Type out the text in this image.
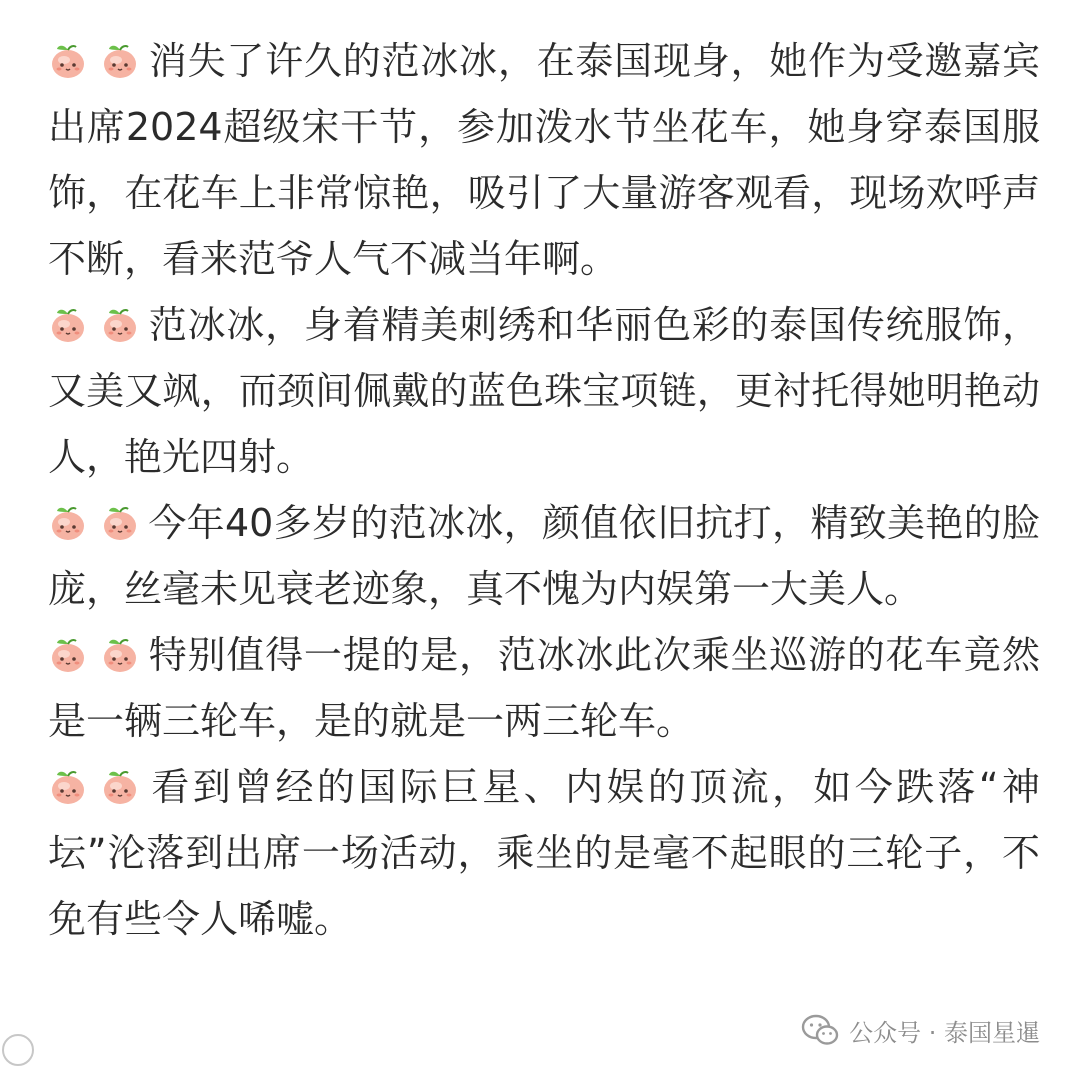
消失了许久的范冰冰，在泰国现身，她作为受邀嘉宾出席2024超级宋干节，参加泼水节坐花车，她身穿泰国服饰，在花车上非常惊艳，吸引了大量游客观看，现场欢呼声不断，看来范爷人气不减当年啊。

范冰冰，身着精美刺绣和华丽色彩的泰国传统服饰，又美又飒，而颈间佩戴的蓝色珠宝项链，更衬托得她明艳动人，艳光四射。

今年40多岁的范冰冰，颜值依旧抗打，精致美艳的脸庞，丝毫未见衰老迹象，真不愧为内娱第一大美人。

特别值得一提的是，范冰冰此次乘坐巡游的花车竟然是一辆三轮车，是的就是一两三轮车。

看到曾经的国际巨星、内娱的顶流，如今跌落“神坛”沦落到出席一场活动，乘坐的是毫不起眼的三轮子，不免有些令人唏嘘。

公众号 · 泰国星暹
